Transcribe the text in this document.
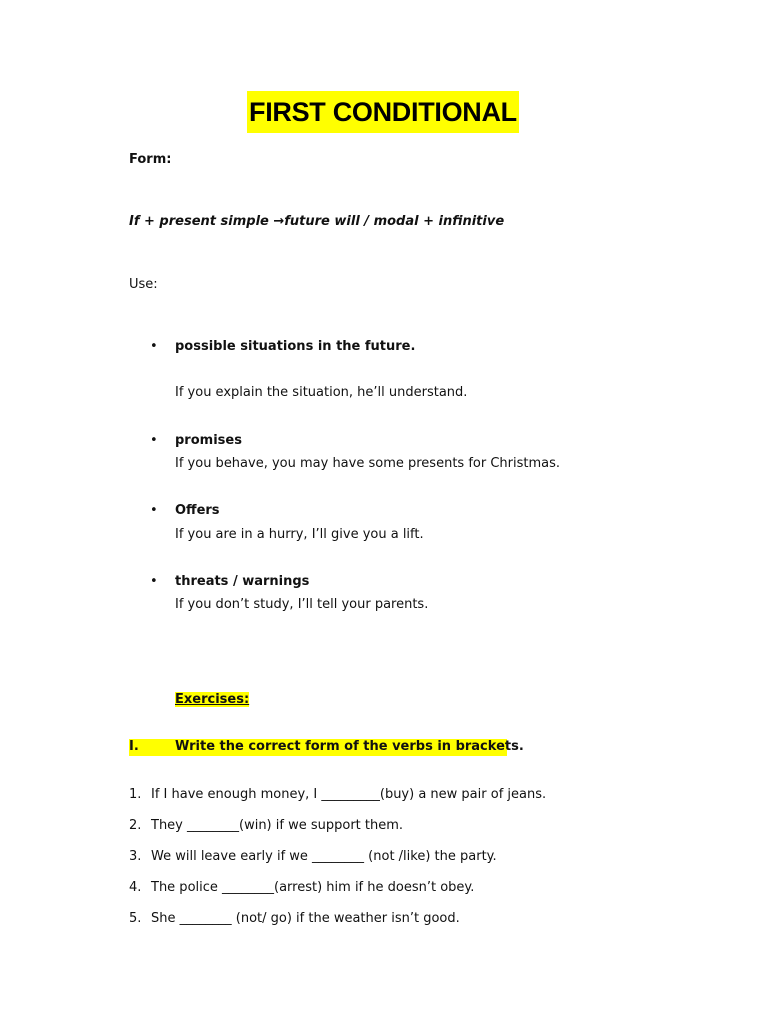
FIRST CONDITIONAL
Form:
If + present simple →future will / modal + infinitive
Use:
• possible situations in the future.
If you explain the situation, he’ll understand.
• promises
If you behave, you may have some presents for Christmas.
• Offers
If you are in a hurry, I’ll give you a lift.
• threats / warnings
If you don’t study, I’ll tell your parents.
Exercises:
I.	Write the correct form of the verbs in brackets.
1. If I have enough money, I _________(buy) a new pair of jeans.
2. They ________(win) if we support them.
3. We will leave early if we ________ (not /like) the party.
4. The police ________(arrest) him if he doesn’t obey.
5. She ________ (not/ go) if the weather isn’t good.
